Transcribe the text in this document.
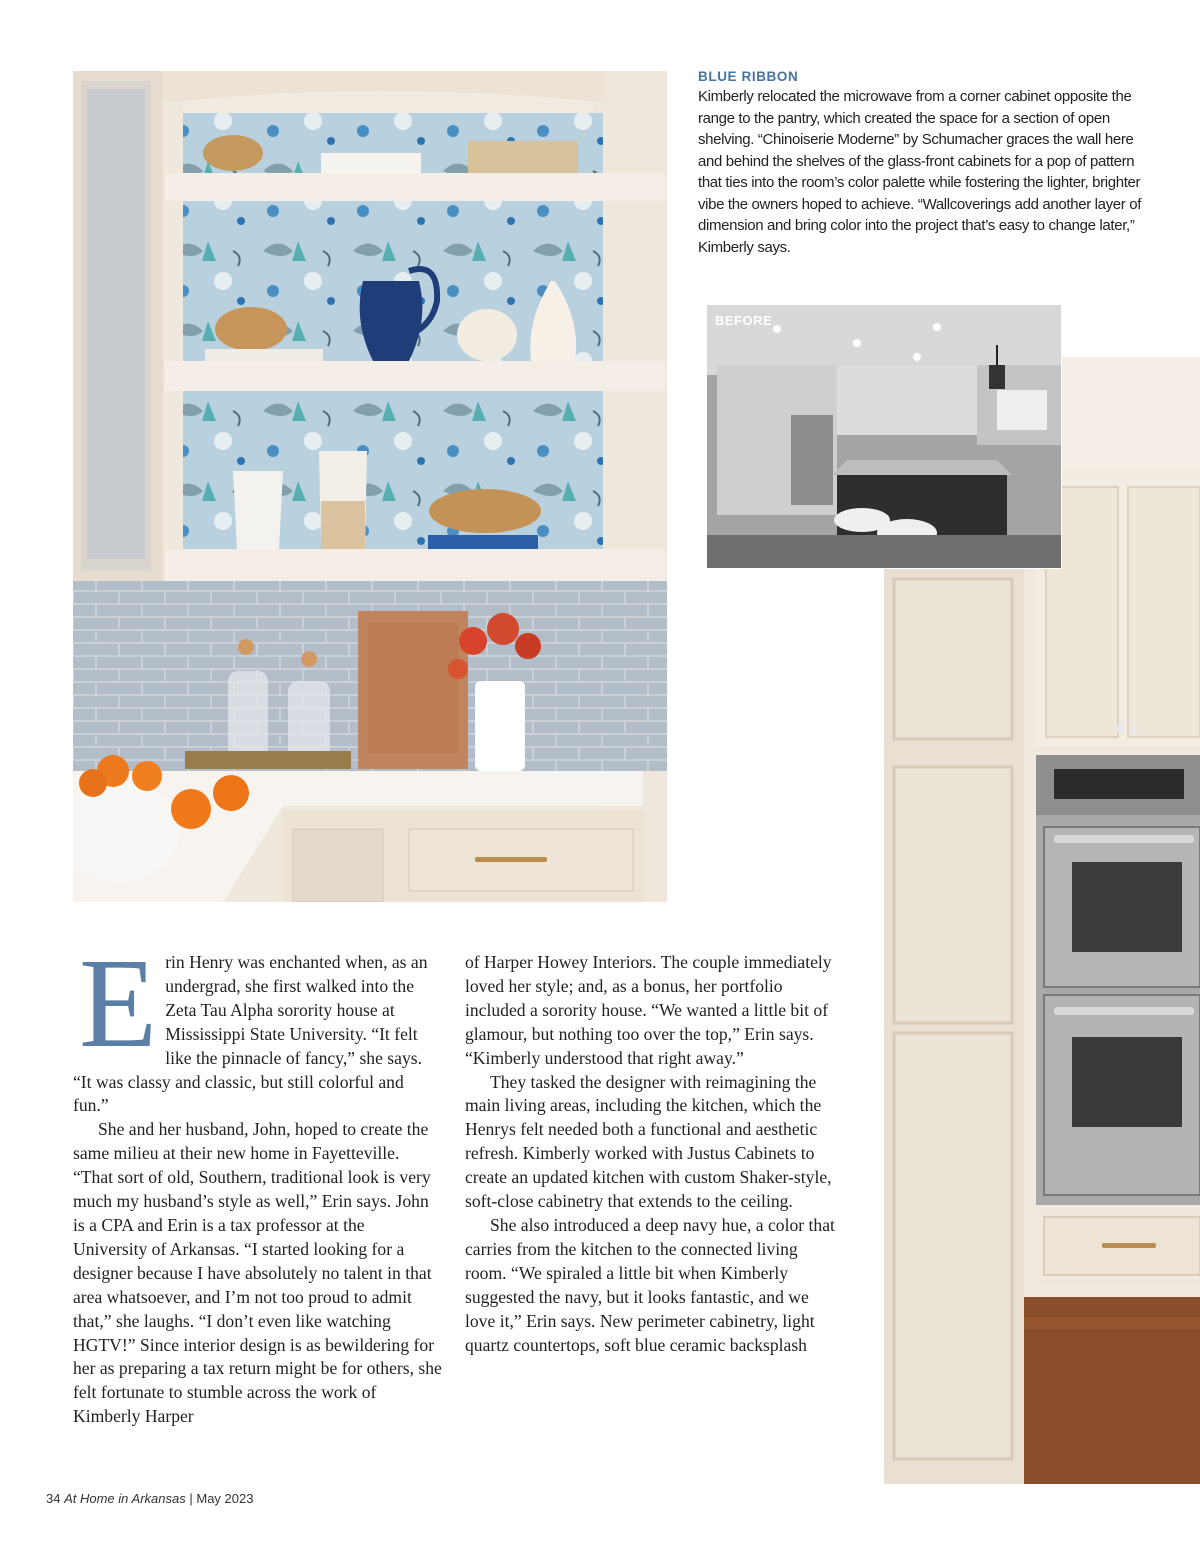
BEFORE
BLUE RIBBON
Kimberly relocated the microwave from a corner cabinet opposite the range to the pantry, which created the space for a section of open shelving. “Chinoiserie Moderne” by Schumacher graces the wall here and behind the shelves of the glass-front cabinets for a pop of pattern that ties into the room’s color palette while fostering the lighter, brighter vibe the owners hoped to achieve. “Wallcoverings add another layer of dimension and bring color into the project that’s easy to change later,” Kimberly says.

Erin Henry was enchanted when, as an undergrad, she first walked into the Zeta Tau Alpha sorority house at Mississippi State University. “It felt like the pinnacle of fancy,” she says. “It was classy and classic, but still colorful and fun.”

She and her husband, John, hoped to create the same milieu at their new home in Fayetteville. “That sort of old, Southern, traditional look is very much my husband’s style as well,” Erin says. John is a CPA and Erin is a tax professor at the University of Arkansas. “I started looking for a designer because I have absolutely no talent in that area whatsoever, and I’m not too proud to admit that,” she laughs. “I don’t even like watching HGTV!” Since interior design is as bewildering for her as preparing a tax return might be for others, she felt fortunate to stumble across the work of Kimberly Harper

of Harper Howey Interiors. The couple immediately loved her style; and, as a bonus, her portfolio included a sorority house. “We wanted a little bit of glamour, but nothing too over the top,” Erin says. “Kimberly understood that right away.”

They tasked the designer with reimagining the main living areas, including the kitchen, which the Henrys felt needed both a functional and aesthetic refresh. Kimberly worked with Justus Cabinets to create an updated kitchen with custom Shaker-style, soft-close cabinetry that extends to the ceiling.

She also introduced a deep navy hue, a color that carries from the kitchen to the connected living room. “We spiraled a little bit when Kimberly suggested the navy, but it looks fantastic, and we love it,” Erin says. New perimeter cabinetry, light quartz countertops, soft blue ceramic backsplash

34 At Home in Arkansas | May 2023
